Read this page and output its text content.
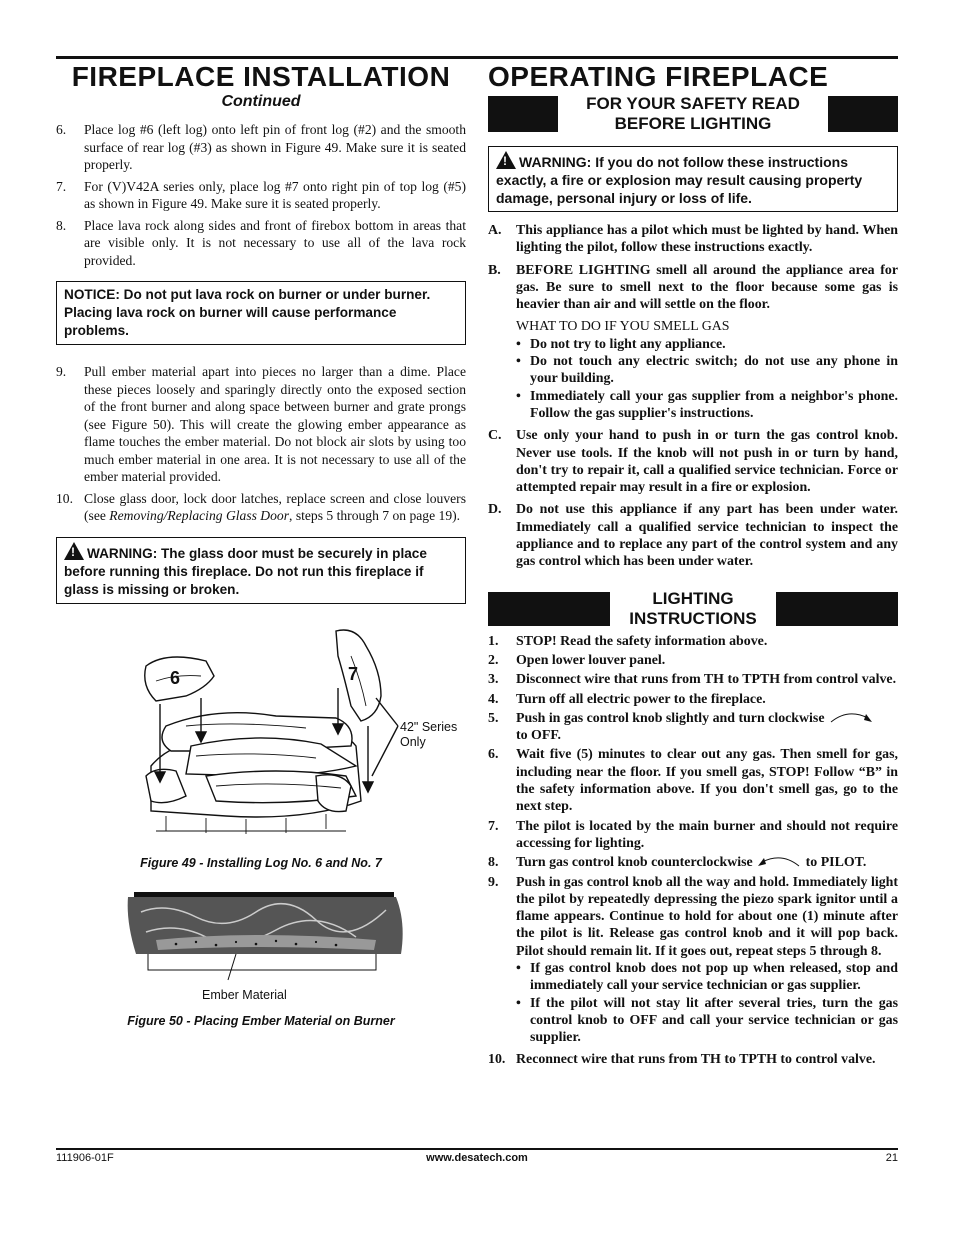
FIREPLACE INSTALLATION
Continued
6. Place log #6 (left log) onto left pin of front log (#2) and the smooth surface of rear log (#3) as shown in Figure 49. Make sure it is seated properly.
7. For (V)V42A series only, place log #7 onto right pin of top log (#5) as shown in Figure 49. Make sure it is seated properly.
8. Place lava rock along sides and front of firebox bottom in areas that are visible only. It is not necessary to use all of the lava rock provided.
NOTICE: Do not put lava rock on burner or under burner. Placing lava rock on burner will cause performance problems.
9. Pull ember material apart into pieces no larger than a dime. Place these pieces loosely and sparingly directly onto the exposed section of the front burner and along space between burner and grate prongs (see Figure 50). This will create the glowing ember appearance as flame touches the ember material. Do not block air slots by using too much ember material in one area. It is not necessary to use all of the ember material provided.
10. Close glass door, lock door latches, replace screen and close louvers (see Removing/Replacing Glass Door, steps 5 through 7 on page 19).
!WARNING: The glass door must be securely in place before running this fireplace. Do not run this fireplace if glass is missing or broken.
6	7
42" Series
Only
Figure 49 - Installing Log No. 6 and No. 7
Ember Material
Figure 50 - Placing Ember Material on Burner
OPERATING FIREPLACE
FOR YOUR SAFETY READ
BEFORE LIGHTING
!WARNING: If you do not follow these instructions exactly, a fire or explosion may result causing property damage, personal injury or loss of life.
A. This appliance has a pilot which must be lighted by hand. When lighting the pilot, follow these instructions exactly.
B. BEFORE LIGHTING smell all around the appliance area for gas. Be sure to smell next to the floor because some gas is heavier than air and will settle on the floor.
WHAT TO DO IF YOU SMELL GAS
• Do not try to light any appliance.
• Do not touch any electric switch; do not use any phone in your building.
• Immediately call your gas supplier from a neighbor's phone. Follow the gas supplier's instructions.
C. Use only your hand to push in or turn the gas control knob. Never use tools. If the knob will not push in or turn by hand, don't try to repair it, call a qualified service technician. Force or attempted repair may result in a fire or explosion.
D. Do not use this appliance if any part has been under water. Immediately call a qualified service technician to inspect the appliance and to replace any part of the control system and any gas control which has been under water.
LIGHTING
INSTRUCTIONS
1. STOP! Read the safety information above.
2. Open lower louver panel.
3. Disconnect wire that runs from TH to TPTH from control valve.
4. Turn off all electric power to the fireplace.
5. Push in gas control knob slightly and turn clockwise
to OFF.
6. Wait five (5) minutes to clear out any gas. Then smell for gas, including near the floor. If you smell gas, STOP! Follow “B” in the safety information above. If you don't smell gas, go to the next step.
7. The pilot is located by the main burner and should not require accessing for lighting.
8. Turn gas control knob counterclockwise	to PILOT.
9. Push in gas control knob all the way and hold. Immediately light the pilot by repeatedly depressing the piezo spark ignitor until a flame appears. Continue to hold for about one (1) minute after the pilot is lit. Release gas control knob and it will pop back. Pilot should remain lit. If it goes out, repeat steps 5 through 8.
• If gas control knob does not pop up when released, stop and immediately call your service technician or gas supplier.
• If the pilot will not stay lit after several tries, turn the gas control knob to OFF and call your service technician or gas supplier.
10. Reconnect wire that runs from TH to TPTH to control valve.
111906-01F	www.desatech.com	21
